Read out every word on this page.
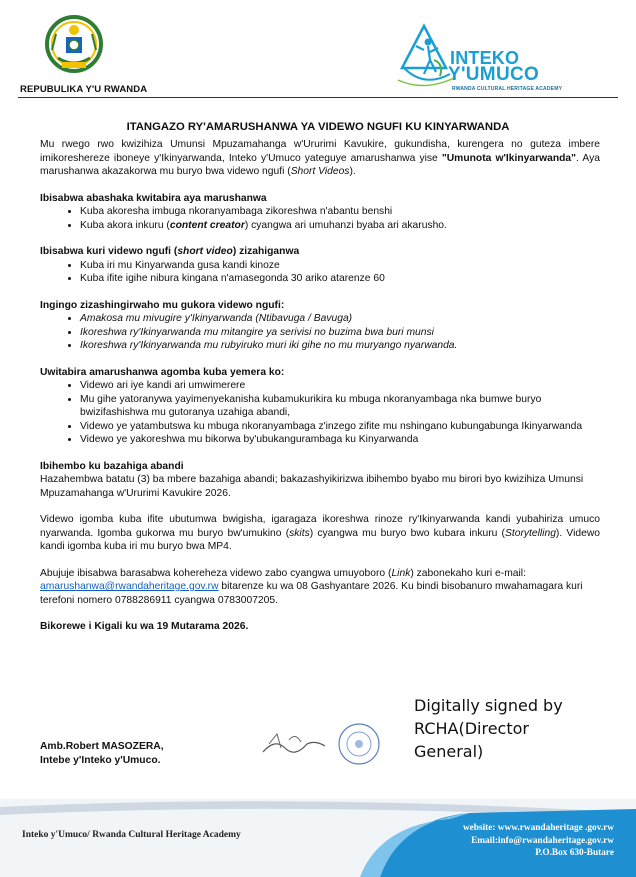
REPUBULIKA Y'U RWANDA
INTEKO
Y'UMUCO
RWANDA CULTURAL HERITAGE ACADEMY
ITANGAZO RY'AMARUSHANWA YA VIDEWO NGUFI KU KINYARWANDA

Mu rwego rwo kwizihiza Umunsi Mpuzamahanga w'Ururimi Kavukire, gukundisha, kurengera no guteza imbere imikoreshereze iboneye y'Ikinyarwanda, Inteko y'Umuco yateguye amarushanwa yise "Umunota w'Ikinyarwanda". Aya marushanwa akazakorwa mu buryo bwa videwo ngufi (Short Videos).

Ibisabwa abashaka kwitabira aya marushanwa

• Kuba akoresha imbuga nkoranyambaga zikoreshwa n'abantu benshi
• Kuba akora inkuru (content creator) cyangwa ari umuhanzi byaba ari akarusho.

Ibisabwa kuri videwo ngufi (short video) zizahiganwa

• Kuba iri mu Kinyarwanda gusa kandi kinoze
• Kuba ifite igihe nibura kingana n'amasegonda 30 ariko atarenze 60

Ingingo zizashingirwaho mu gukora videwo ngufi:

• Amakosa mu mivugire y'Ikinyarwanda (Ntibavuga / Bavuga)
• Ikoreshwa ry'Ikinyarwanda mu mitangire ya serivisi no buzima bwa buri munsi
• Ikoreshwa ry'Ikinyarwanda mu rubyiruko muri iki gihe no mu muryango nyarwanda.

Uwitabira amarushanwa agomba kuba yemera ko:

• Videwo ari iye kandi ari umwimerere
• Mu gihe yatoranywa yayimenyekanisha kubamukurikira ku mbuga nkoranyambaga nka bumwe buryo bwizifashishwa mu gutoranya uzahiga abandi,
• Videwo ye yatambutswa ku mbuga nkoranyambaga z'inzego zifite mu nshingano kubungabunga Ikinyarwanda
• Videwo ye yakoreshwa mu bikorwa by'ubukangurambaga ku Kinyarwanda

Ibihembo ku bazahiga abandi

Hazahembwa batatu (3) ba mbere bazahiga abandi; bakazashyikirizwa ibihembo byabo mu birori byo kwizihiza Umunsi Mpuzamahanga w'Ururimi Kavukire 2026.

Videwo igomba kuba ifite ubutumwa bwigisha, igaragaza ikoreshwa rinoze ry'Ikinyarwanda kandi yubahiriza umuco nyarwanda. Igomba gukorwa mu buryo bw'umukino (skits) cyangwa mu buryo bwo kubara inkuru (Storytelling). Videwo kandi igomba kuba iri mu buryo bwa MP4.

Abujuje ibisabwa barasabwa kohereheza videwo zabo cyangwa umuyoboro (Link) zabonekaho kuri e-mail: amarushanwa@rwandaheritage.gov.rw bitarenze ku wa 08 Gashyantare 2026. Ku bindi bisobanuro mwahamagara kuri terefoni nomero 0788286911 cyangwa 0783007205.

Bikorewe i Kigali ku wa 19 Mutarama 2026.

Digitally signed by
RCHA(Director
General)
Amb.Robert MASOZERA,
Intebe y'Inteko y'Umuco.
Inteko y'Umuco/ Rwanda Cultural Heritage Academy
website: www.rwandaheritage .gov.rw
Email:info@rwandaheritage.gov.rw
P.O.Box 630-Butare
